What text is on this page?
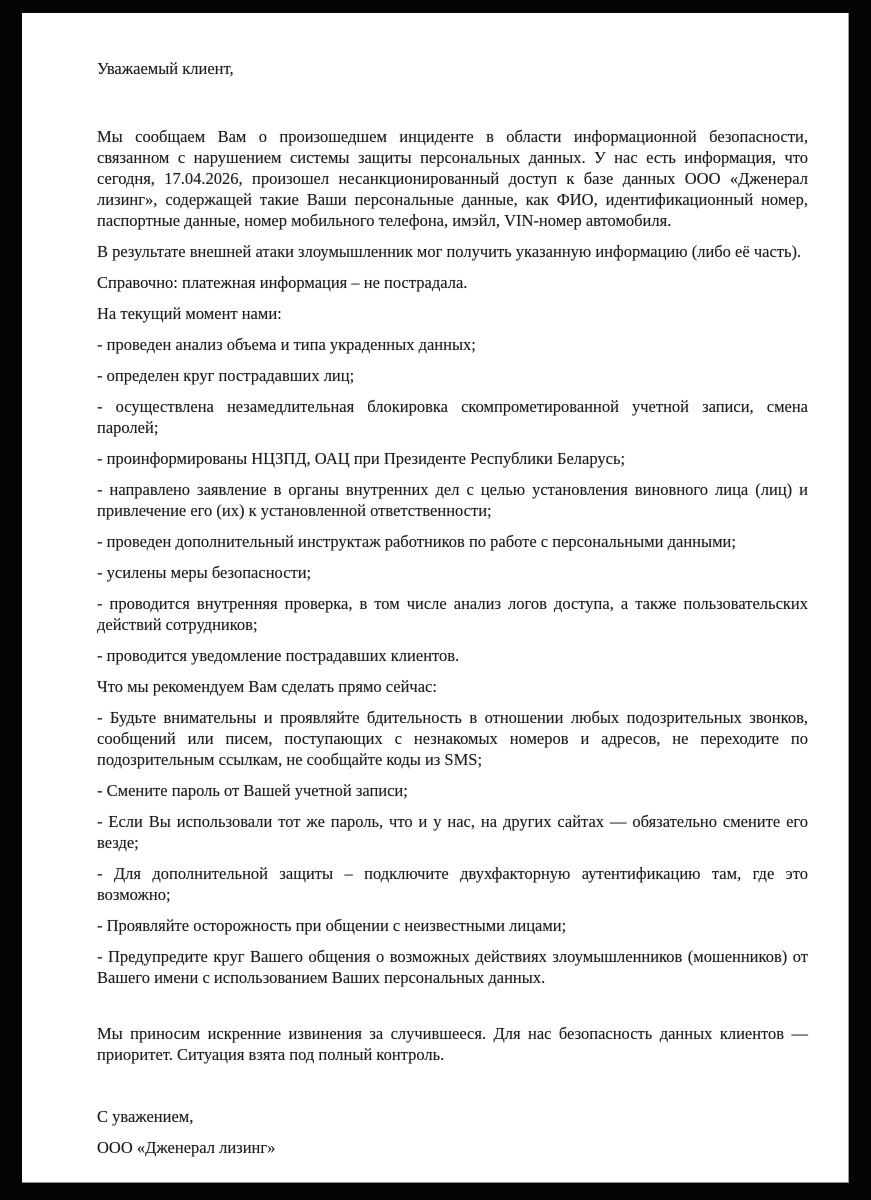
Уважаемый клиент,

Мы сообщаем Вам о произошедшем инциденте в области информационной безопасности, связанном с нарушением системы защиты персональных данных. У нас есть информация, что сегодня, 17.04.2026, произошел несанкционированный доступ к базе данных ООО «Дженерал лизинг», содержащей такие Ваши персональные данные, как ФИО, идентификационный номер, паспортные данные, номер мобильного телефона, имэйл, VIN-номер автомобиля.

В результате внешней атаки злоумышленник мог получить указанную информацию (либо её часть).

Справочно: платежная информация – не пострадала.

На текущий момент нами:

- проведен анализ объема и типа украденных данных;

- определен круг пострадавших лиц;

- осуществлена незамедлительная блокировка скомпрометированной учетной записи, смена паролей;

- проинформированы НЦЗПД, ОАЦ при Президенте Республики Беларусь;

- направлено заявление в органы внутренних дел с целью установления виновного лица (лиц) и привлечение его (их) к установленной ответственности;

- проведен дополнительный инструктаж работников по работе с персональными данными;

- усилены меры безопасности;

- проводится внутренняя проверка, в том числе анализ логов доступа, а также пользовательских действий сотрудников;

- проводится уведомление пострадавших клиентов.

Что мы рекомендуем Вам сделать прямо сейчас:

- Будьте внимательны и проявляйте бдительность в отношении любых подозрительных звонков, сообщений или писем, поступающих с незнакомых номеров и адресов, не переходите по подозрительным ссылкам, не сообщайте коды из SMS;

- Смените пароль от Вашей учетной записи;

- Если Вы использовали тот же пароль, что и у нас, на других сайтах — обязательно смените его везде;

- Для дополнительной защиты – подключите двухфакторную аутентификацию там, где это возможно;

- Проявляйте осторожность при общении с неизвестными лицами;

- Предупредите круг Вашего общения о возможных действиях злоумышленников (мошенников) от Вашего имени с использованием Ваших персональных данных.

Мы приносим искренние извинения за случившееся. Для нас безопасность данных клиентов — приоритет. Ситуация взята под полный контроль.

С уважением,

ООО «Дженерал лизинг»
